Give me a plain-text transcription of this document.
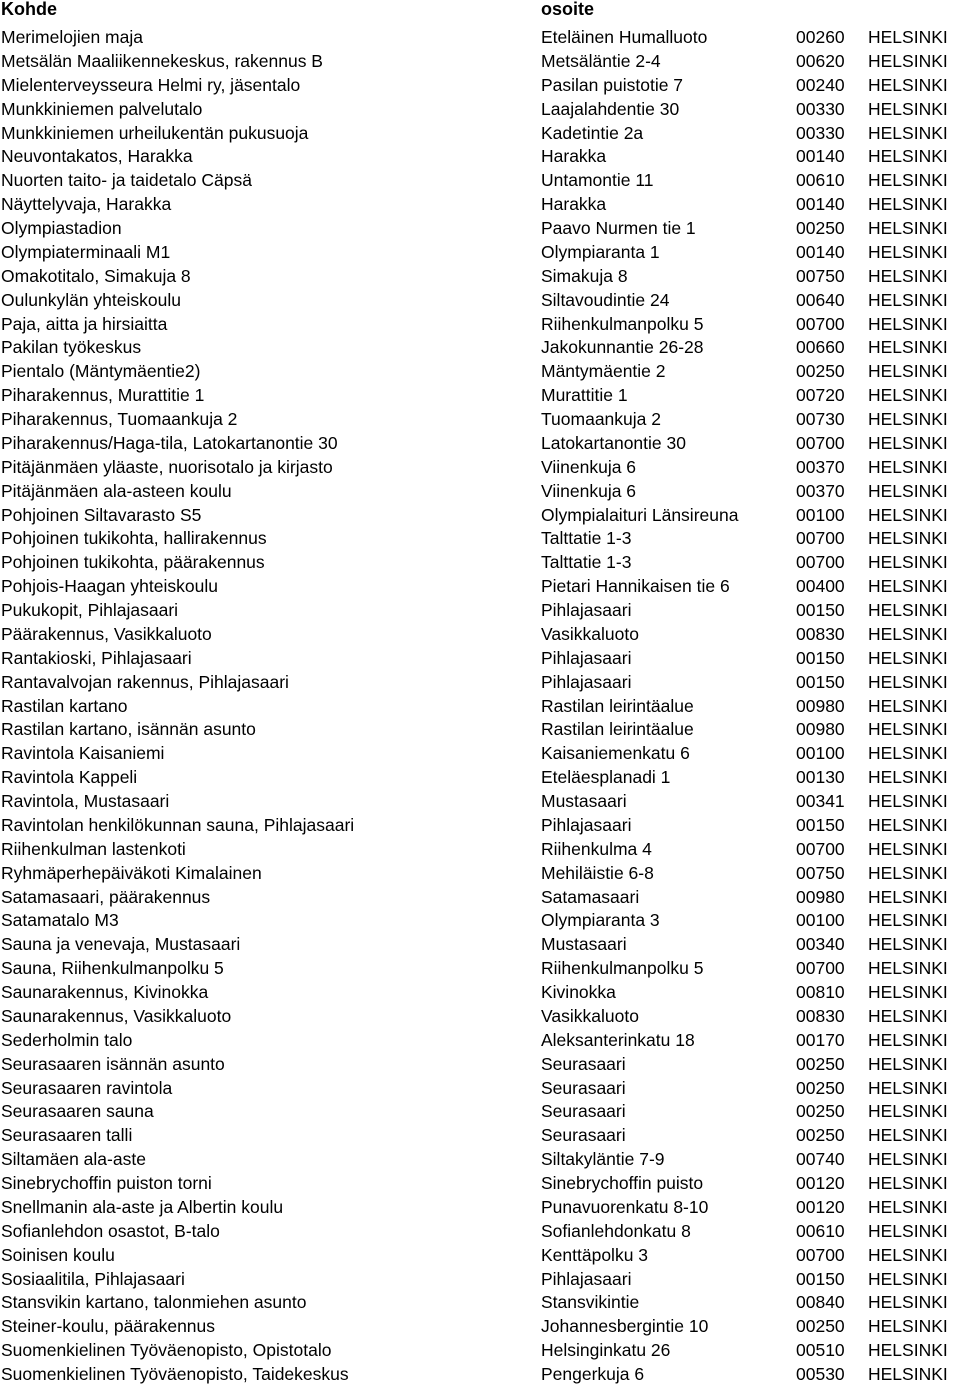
Kohde	osoite
Merimelojien maja	Eteläinen Humalluoto	00260 HELSINKI
Metsälän Maaliikennekeskus, rakennus B	Metsäläntie 2-4	00620 HELSINKI
Mielenterveysseura Helmi ry, jäsentalo	Pasilan puistotie 7	00240 HELSINKI
Munkkiniemen palvelutalo	Laajalahdentie 30	00330 HELSINKI
Munkkiniemen urheilukentän pukusuoja	Kadetintie 2a	00330 HELSINKI
Neuvontakatos, Harakka	Harakka	00140 HELSINKI
Nuorten taito- ja taidetalo Cäpsä	Untamontie 11	00610 HELSINKI
Näyttelyvaja, Harakka	Harakka	00140 HELSINKI
Olympiastadion	Paavo Nurmen tie 1	00250 HELSINKI
Olympiaterminaali M1	Olympiaranta 1	00140 HELSINKI
Omakotitalo, Simakuja 8	Simakuja 8	00750 HELSINKI
Oulunkylän yhteiskoulu	Siltavoudintie 24	00640 HELSINKI
Paja, aitta ja hirsiaitta	Riihenkulmanpolku 5	00700 HELSINKI
Pakilan työkeskus	Jakokunnantie 26-28	00660 HELSINKI
Pientalo (Mäntymäentie2)	Mäntymäentie 2	00250 HELSINKI
Piharakennus, Murattitie 1	Murattitie 1	00720 HELSINKI
Piharakennus, Tuomaankuja 2	Tuomaankuja 2	00730 HELSINKI
Piharakennus/Haga-tila, Latokartanontie 30	Latokartanontie 30	00700 HELSINKI
Pitäjänmäen yläaste, nuorisotalo ja kirjasto	Viinenkuja 6	00370 HELSINKI
Pitäjänmäen ala-asteen koulu	Viinenkuja 6	00370 HELSINKI
Pohjoinen Siltavarasto S5	Olympialaituri Länsireuna	00100 HELSINKI
Pohjoinen tukikohta, hallirakennus	Talttatie 1-3	00700 HELSINKI
Pohjoinen tukikohta, päärakennus	Talttatie 1-3	00700 HELSINKI
Pohjois-Haagan yhteiskoulu	Pietari Hannikaisen tie 6	00400 HELSINKI
Pukukopit, Pihlajasaari	Pihlajasaari	00150 HELSINKI
Päärakennus, Vasikkaluoto	Vasikkaluoto	00830 HELSINKI
Rantakioski, Pihlajasaari	Pihlajasaari	00150 HELSINKI
Rantavalvojan rakennus, Pihlajasaari	Pihlajasaari	00150 HELSINKI
Rastilan kartano	Rastilan leirintäalue	00980 HELSINKI
Rastilan kartano, isännän asunto	Rastilan leirintäalue	00980 HELSINKI
Ravintola Kaisaniemi	Kaisaniemenkatu 6	00100 HELSINKI
Ravintola Kappeli	Eteläesplanadi 1	00130 HELSINKI
Ravintola, Mustasaari	Mustasaari	00341 HELSINKI
Ravintolan henkilökunnan sauna, Pihlajasaari	Pihlajasaari	00150 HELSINKI
Riihenkulman lastenkoti	Riihenkulma 4	00700 HELSINKI
Ryhmäperhepäiväkoti Kimalainen	Mehiläistie 6-8	00750 HELSINKI
Satamasaari, päärakennus	Satamasaari	00980 HELSINKI
Satamatalo M3	Olympiaranta 3	00100 HELSINKI
Sauna ja venevaja, Mustasaari	Mustasaari	00340 HELSINKI
Sauna, Riihenkulmanpolku 5	Riihenkulmanpolku 5	00700 HELSINKI
Saunarakennus, Kivinokka	Kivinokka	00810 HELSINKI
Saunarakennus, Vasikkaluoto	Vasikkaluoto	00830 HELSINKI
Sederholmin talo	Aleksanterinkatu 18	00170 HELSINKI
Seurasaaren isännän asunto	Seurasaari	00250 HELSINKI
Seurasaaren ravintola	Seurasaari	00250 HELSINKI
Seurasaaren sauna	Seurasaari	00250 HELSINKI
Seurasaaren talli	Seurasaari	00250 HELSINKI
Siltamäen ala-aste	Siltakyläntie 7-9	00740 HELSINKI
Sinebrychoffin puiston torni	Sinebrychoffin puisto	00120 HELSINKI
Snellmanin ala-aste ja Albertin koulu	Punavuorenkatu 8-10	00120 HELSINKI
Sofianlehdon osastot, B-talo	Sofianlehdonkatu 8	00610 HELSINKI
Soinisen koulu	Kenttäpolku 3	00700 HELSINKI
Sosiaalitila, Pihlajasaari	Pihlajasaari	00150 HELSINKI
Stansvikin kartano, talonmiehen asunto	Stansvikintie	00840 HELSINKI
Steiner-koulu, päärakennus	Johannesbergintie 10	00250 HELSINKI
Suomenkielinen Työväenopisto, Opistotalo	Helsinginkatu 26	00510 HELSINKI
Suomenkielinen Työväenopisto, Taidekeskus	Pengerkuja 6	00530 HELSINKI
